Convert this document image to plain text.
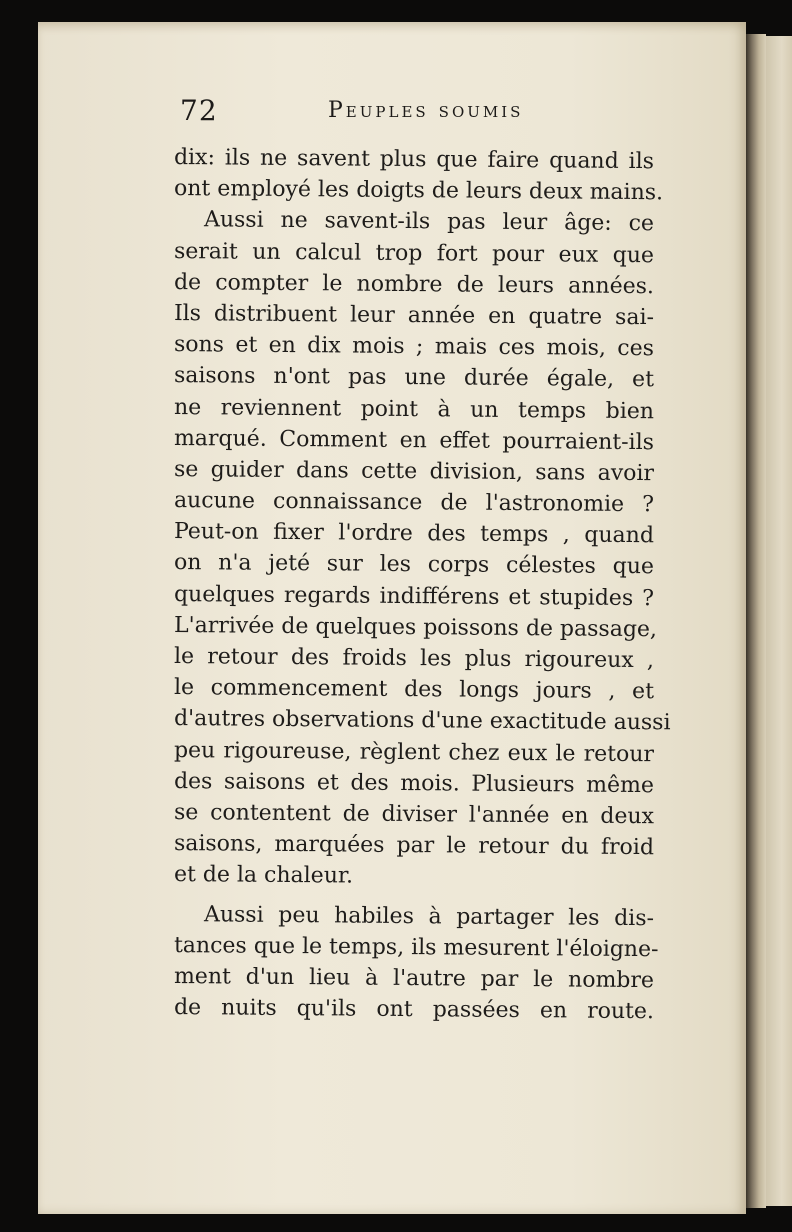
72	Peuples soumis
dix: ils ne savent plus que faire quand ils
ont employé les doigts de leurs deux mains.
Aussi ne savent-ils pas leur âge: ce
serait un calcul trop fort pour eux que
de compter le nombre de leurs années.
Ils distribuent leur année en quatre sai-
sons et en dix mois ; mais ces mois, ces
saisons n'ont pas une durée égale, et
ne reviennent point à un temps bien
marqué. Comment en effet pourraient-ils
se guider dans cette division, sans avoir
aucune connaissance de l'astronomie ?
Peut-on fixer l'ordre des temps , quand
on n'a jeté sur les corps célestes que
quelques regards indifférens et stupides ?
L'arrivée de quelques poissons de passage,
le retour des froids les plus rigoureux ,
le commencement des longs jours , et
d'autres observations d'une exactitude aussi
peu rigoureuse, règlent chez eux le retour
des saisons et des mois. Plusieurs même
se contentent de diviser l'année en deux
saisons, marquées par le retour du froid
et de la chaleur.
Aussi peu habiles à partager les dis-
tances que le temps, ils mesurent l'éloigne-
ment d'un lieu à l'autre par le nombre
de nuits qu'ils ont passées en route.
